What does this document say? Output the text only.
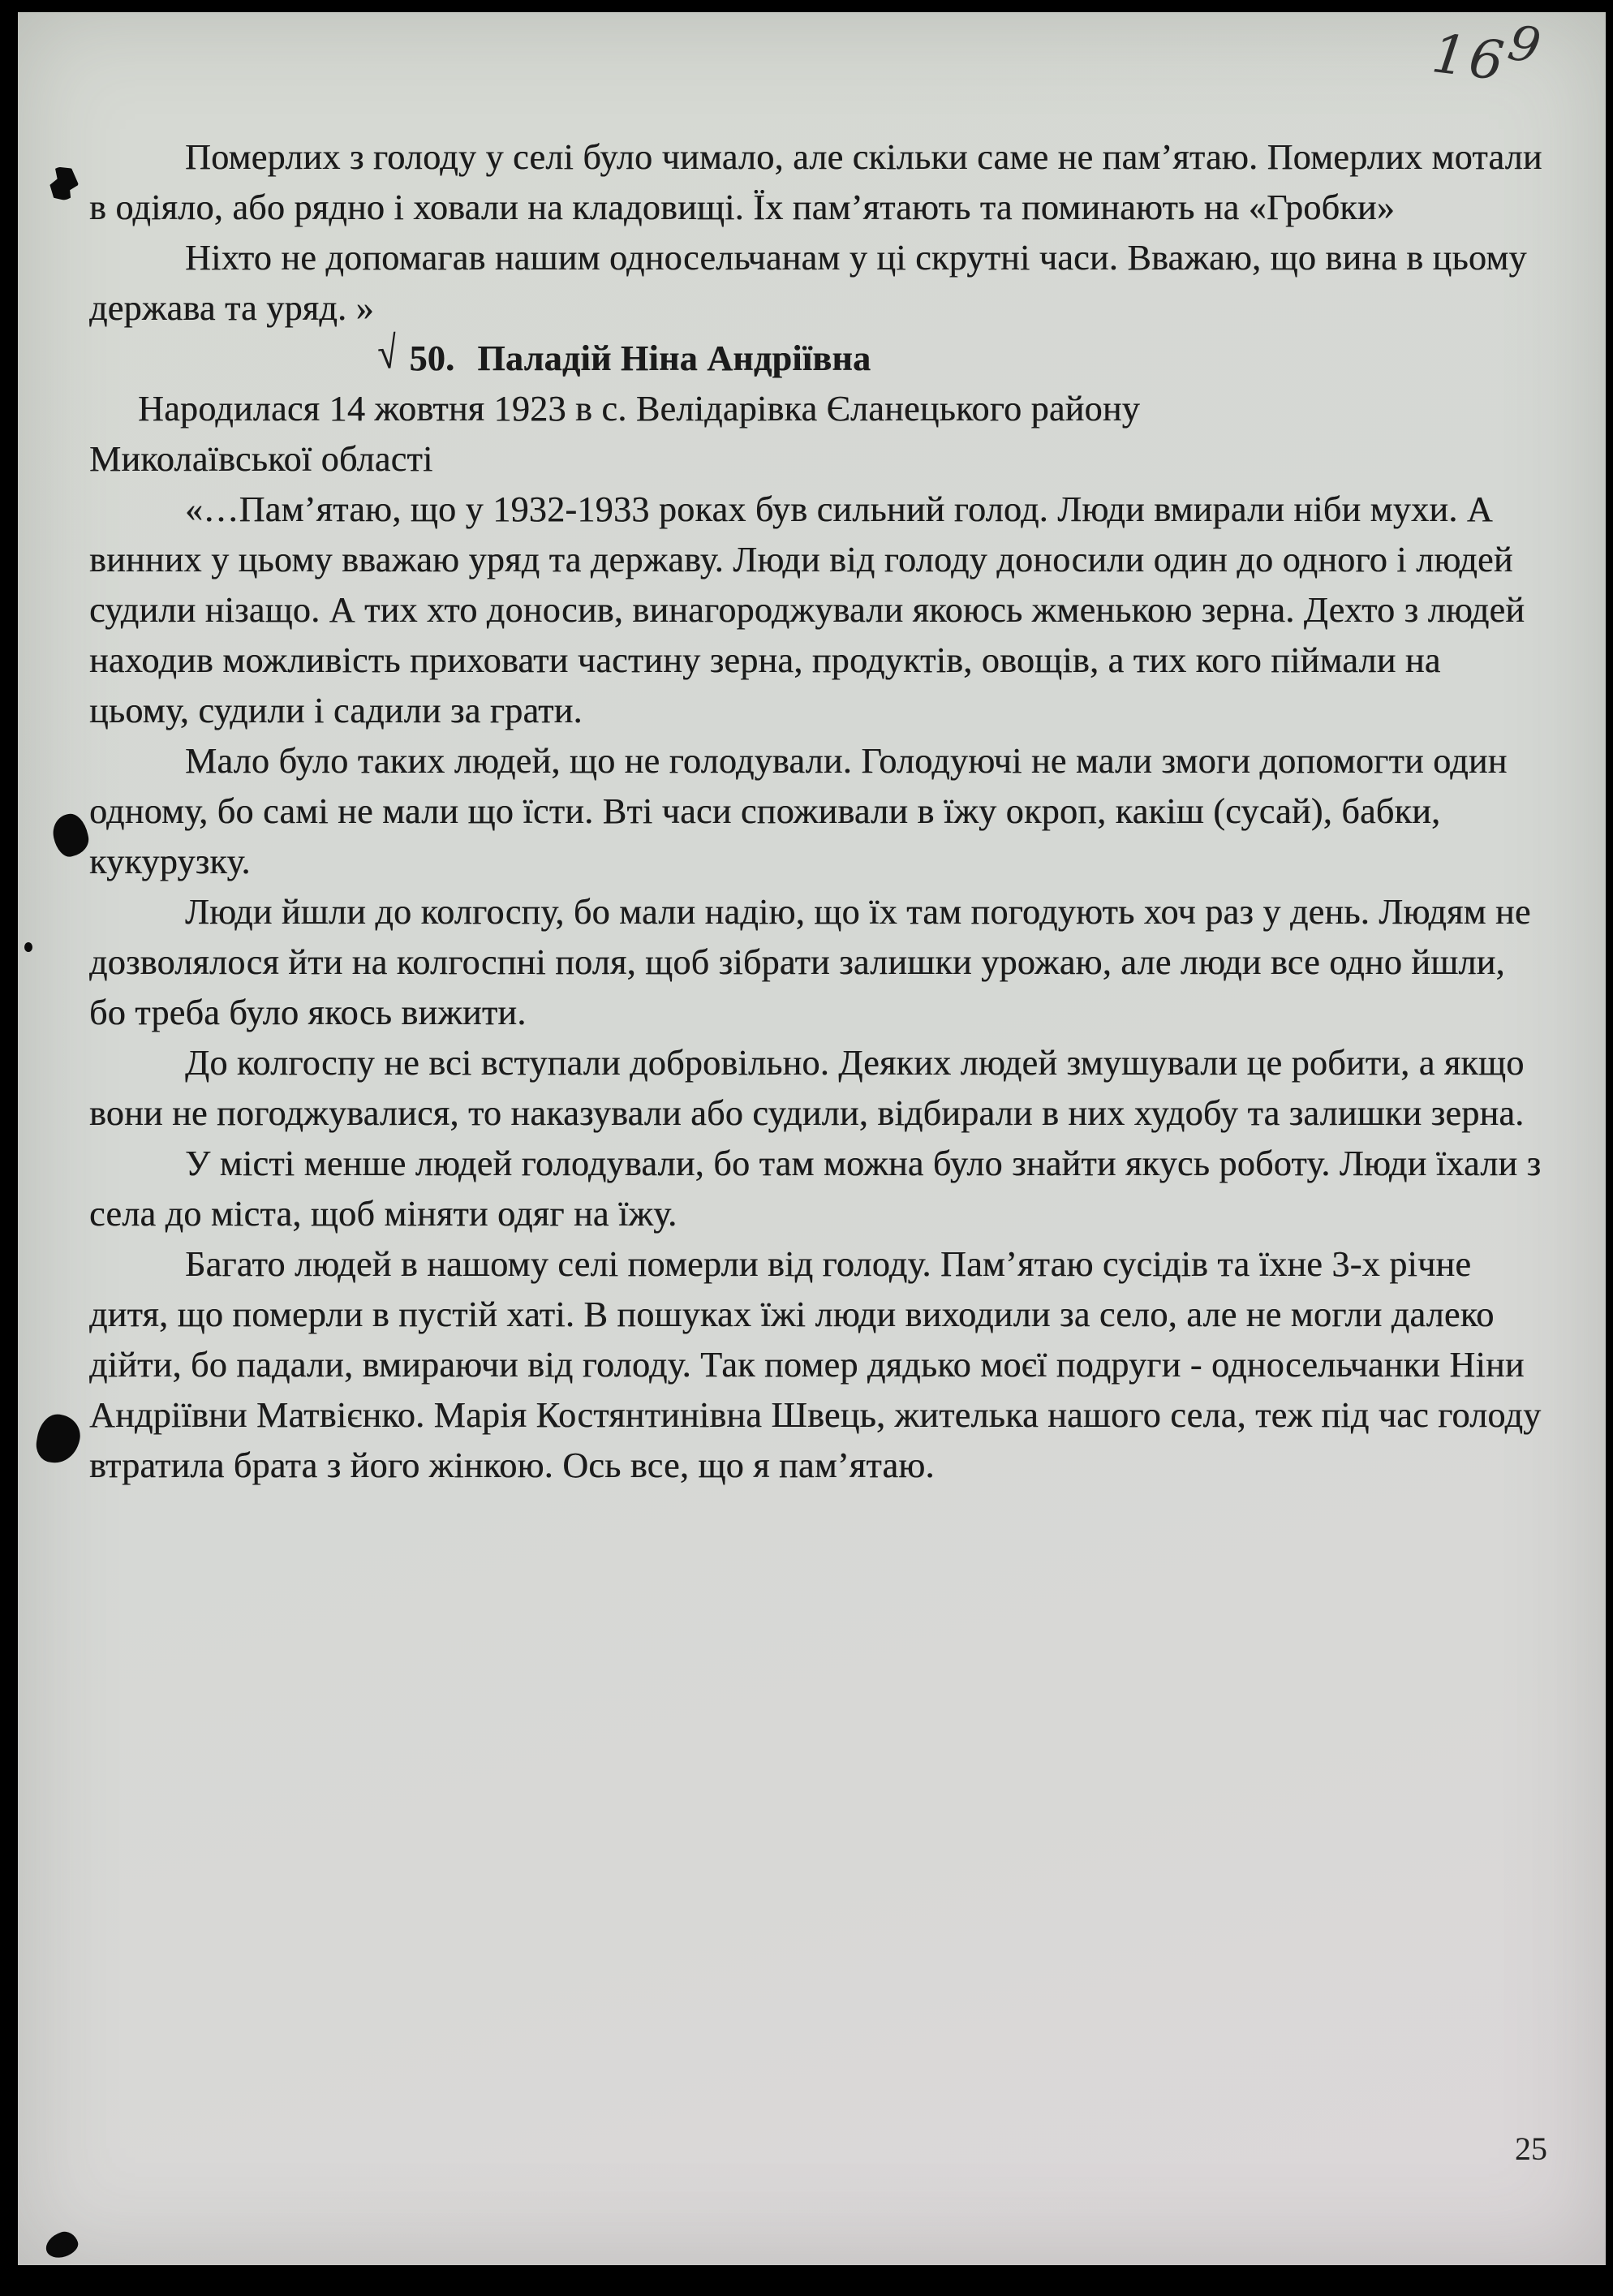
169

Померлих з голоду у селі було чимало, але скільки саме не пам’ятаю. Померлих мотали в одіяло, або рядно і ховали на кладовищі. Їх пам’ятають та поминають на «Гробки»

Ніхто не допомагав нашим односельчанам у ці скрутні часи. Вважаю, що вина в цьому держава та уряд. »

√ 50. Паладій Ніна Андріївна

Народилася 14 жовтня 1923 в с. Велідарівка Єланецького району

Миколаївської області

«…Пам’ятаю, що у 1932-1933 роках був сильний голод. Люди вмирали ніби мухи. А винних у цьому вважаю уряд та державу. Люди від голоду доносили один до одного і людей судили нізащо. А тих хто доносив, винагороджували якоюсь жменькою зерна. Дехто з людей находив можливість приховати частину зерна, продуктів, овощів, а тих кого піймали на цьому, судили і садили за грати.

Мало було таких людей, що не голодували. Голодуючі не мали змоги допомогти один одному, бо самі не мали що їсти. Вті часи споживали в їжу окроп, какіш (сусай), бабки, кукурузку.

Люди йшли до колгоспу, бо мали надію, що їх там погодують хоч раз у день. Людям не дозволялося йти на колгоспні поля, щоб зібрати залишки урожаю, але люди все одно йшли, бо треба було якось вижити.

До колгоспу не всі вступали добровільно. Деяких людей змушували це робити, а якщо вони не погоджувалися, то наказували або судили, відбирали в них худобу та залишки зерна.

У місті менше людей голодували, бо там можна було знайти якусь роботу. Люди їхали з села до міста, щоб міняти одяг на їжу.

Багато людей в нашому селі померли від голоду. Пам’ятаю сусідів та їхне 3-х річне дитя, що померли в пустій хаті. В пошуках їжі люди виходили за село, але не могли далеко дійти, бо падали, вмираючи від голоду. Так помер дядько моєї подруги - односельчанки Ніни Андріївни Матвієнко. Марія Костянтинівна Швець, жителька нашого села, теж під час голоду втратила брата з його жінкою. Ось все, що я пам’ятаю.

25
